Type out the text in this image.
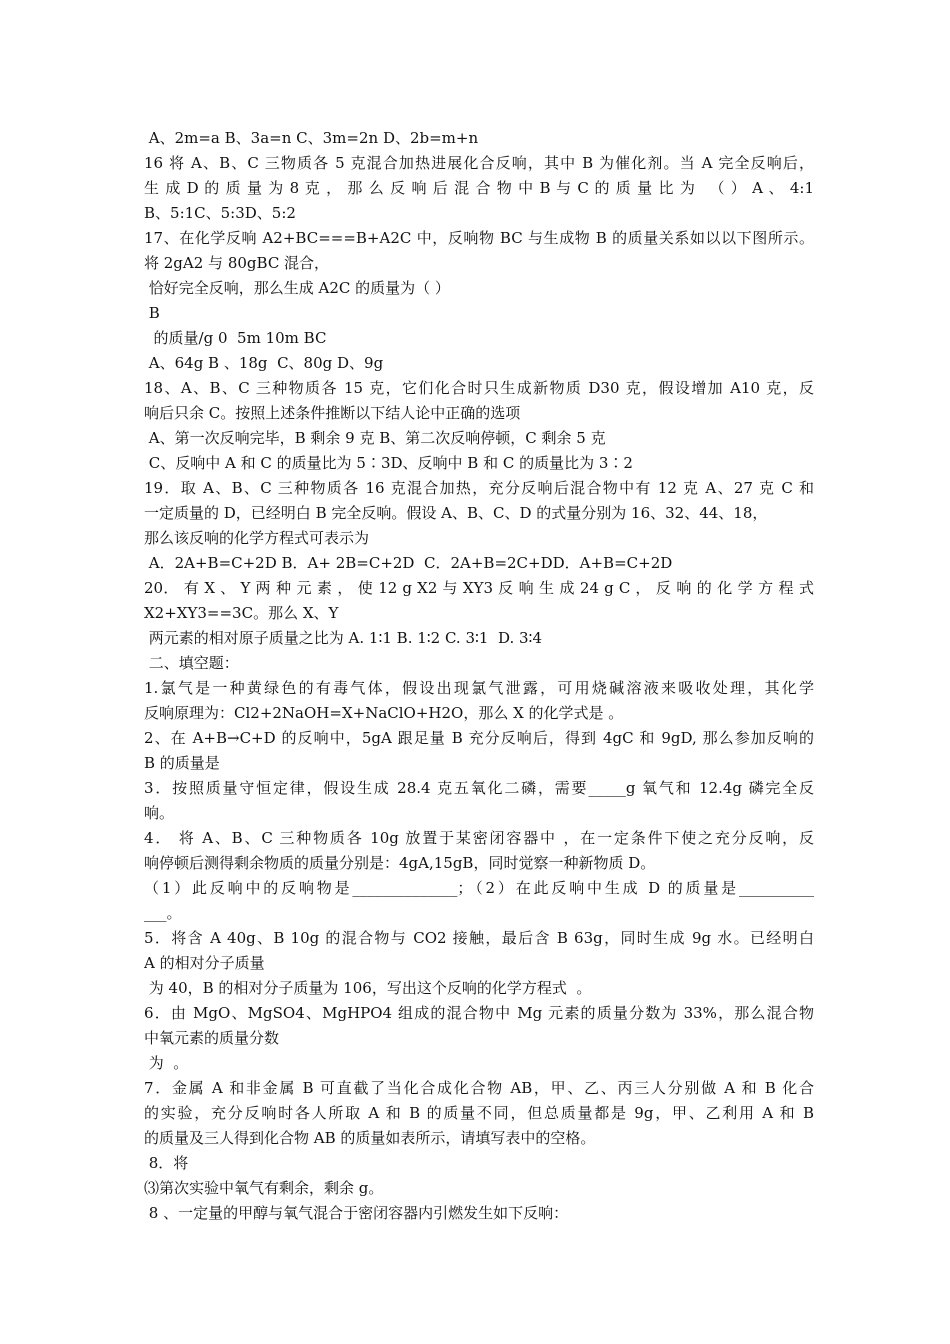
A、2m=a B、3a=n C、3m=2n D、2b=m+n
16 将 A、B、C 三物质各 5 克混合加热进展化合反响，其中 B 为催化剂。当 A 完全反响后，
生 成 D 的 质 量 为 8 克 ， 那 么 反 响 后 混 合 物 中 B 与 C 的 质 量 比 为 　（ ） A 、 4:1
B、5:1C、5:3D、5:2
17、在化学反响 A2+BC===B+A2C 中，反响物 BC 与生成物 B 的质量关系如以以下图所示。
将 2gA2 与 80gBC 混合，
恰好完全反响，那么生成 A2C 的质量为（ ）
B
的质量/g 0  5m 10m BC
A、64g B 、18g  C、80g D、9g
18、A、B、C 三种物质各 15 克，它们化合时只生成新物质 D30 克，假设增加 A10 克，反
响后只余 C。按照上述条件推断以下结人论中正确的选项
A、第一次反响完毕，B 剩余 9 克 B、第二次反响停顿，C 剩余 5 克
C、反响中 A 和 C 的质量比为 5∶3D、反响中 B 和 C 的质量比为 3∶2
19．取 A、B、C 三种物质各 16 克混合加热，充分反响后混合物中有 12 克 A、27 克 C 和
一定质量的 D，已经明白 B 完全反响。假设 A、B、C、D 的式量分别为 16、32、44、18，
那么该反响的化学方程式可表示为
A．2A+B=C+2D B．A+ 2B=C+2D  C．2A+B=2C+DD．A+B=C+2D
20． 有 X 、 Y 两 种 元 素 ， 使 12 g X2 与 XY3 反 响 生 成 24 g C ， 反 响 的 化 学 方 程 式
X2+XY3==3C。那么 X、Y
两元素的相对原子质量之比为 A. 1∶1 B. 1∶2 C. 3∶1  D. 3∶4
二、填空题：
1.氯气是一种黄绿色的有毒气体，假设出现氯气泄露，可用烧碱溶液来吸收处理，其化学
反响原理为：Cl2+2NaOH=X+NaClO+H2O，那么 X 的化学式是 。
2、在 A+B→C+D 的反响中，5gA 跟足量 B 充分反响后，得到 4gC 和 9gD, 那么参加反响的
B 的质量是
3．按照质量守恒定律，假设生成 28.4 克五氧化二磷，需要_____g 氧气和 12.4g 磷完全反
响。
4． 将 A、B、C 三种物质各 10g 放置于某密闭容器中 ，在一定条件下使之充分反响，反
响停顿后测得剩余物质的质量分别是：4gA,15gB，同时觉察一种新物质 D。
（1）此反响中的反响物是______________；（2）在此反响中生成 D 的质量是__________
___。
5．将含 A 40g、B 10g 的混合物与 CO2 接触，最后含 B 63g，同时生成 9g 水。已经明白
A 的相对分子质量
为 40，B 的相对分子质量为 106，写出这个反响的化学方程式  。
6．由 MgO、MgSO4、MgHPO4 组成的混合物中 Mg 元素的质量分数为 33%，那么混合物
中氧元素的质量分数
为  。
7．金属 A 和非金属 B 可直截了当化合成化合物 AB，甲、乙、丙三人分别做 A 和 B 化合
的实验，充分反响时各人所取 A 和 B 的质量不同，但总质量都是 9g，甲、乙利用 A 和 B
的质量及三人得到化合物 AB 的质量如表所示，请填写表中的空格。
8．将
⑶第次实验中氧气有剩余，剩余 g。
8 、一定量的甲醇与氧气混合于密闭容器内引燃发生如下反响：
